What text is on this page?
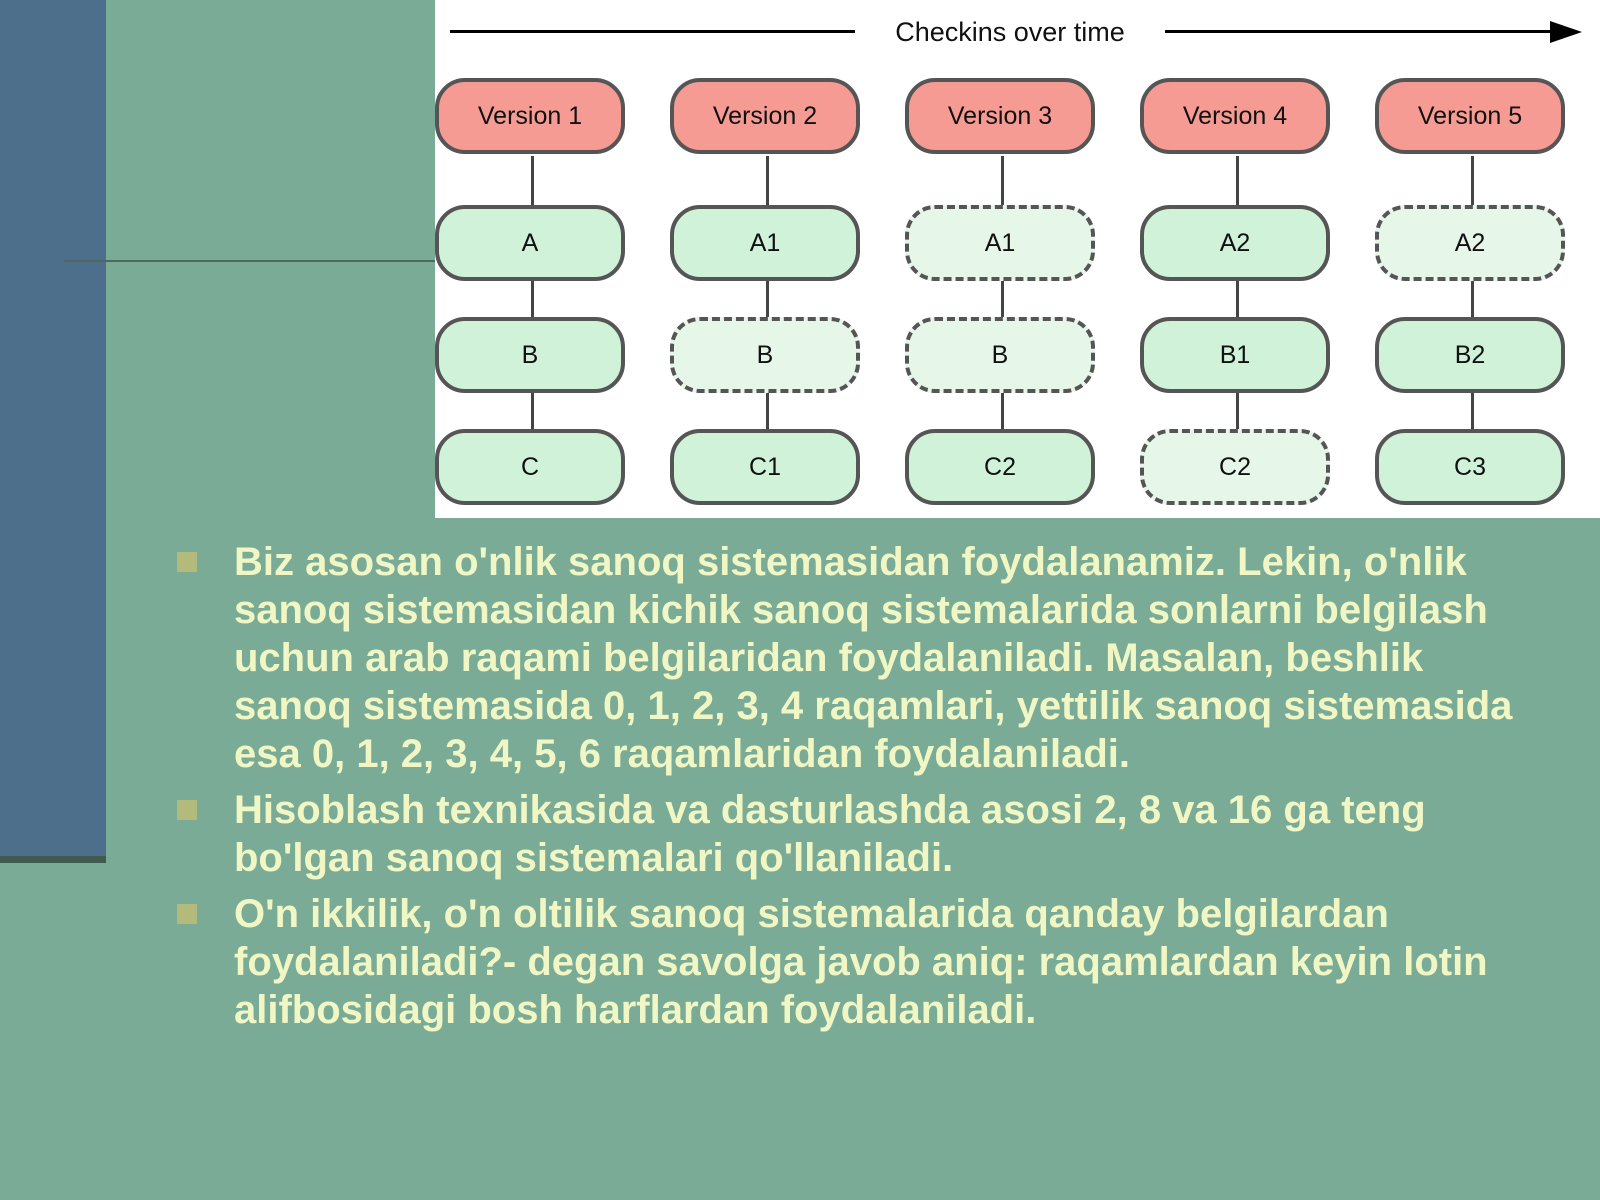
Checkins over time
Version 1
A
B
C
Version 2
A1
B
C1
Version 3
A1
B
C2
Version 4
A2
B1
C2
Version 5
A2
B2
C3
Biz asosan o'nlik sanoq sistemasidan foydalanamiz. Lekin, o'nlik sanoq sistemasidan kichik sanoq sistemalarida sonlarni belgilash uchun arab raqami belgilaridan foydalaniladi. Masalan, beshlik sanoq sistemasida 0, 1, 2, 3, 4 raqamlari, yettilik sanoq sistemasida esa 0, 1, 2, 3, 4, 5, 6 raqamlaridan foydalaniladi.
Hisoblash texnikasida va dasturlashda asosi 2, 8 va 16 ga teng bo'lgan sanoq sistemalari qo'llaniladi.
O'n ikkilik, o'n oltilik sanoq sistemalarida qanday belgilardan foydalaniladi?- degan savolga javob aniq: raqamlardan keyin lotin alifbosidagi bosh harflardan foydalaniladi.
